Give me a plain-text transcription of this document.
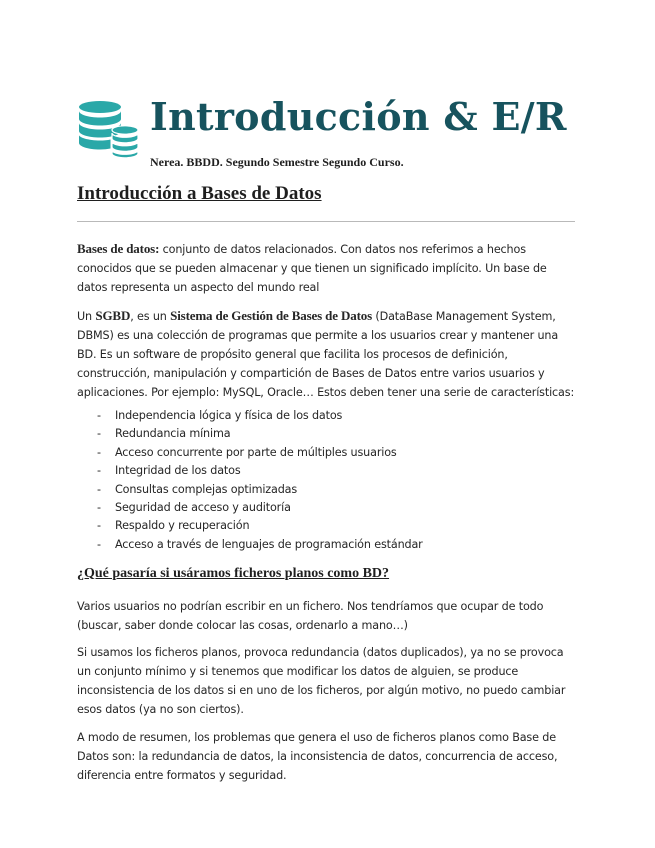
Introducción & E/R
Nerea. BBDD. Segundo Semestre Segundo Curso.
Introducción a Bases de Datos

Bases de datos: conjunto de datos relacionados. Con datos nos referimos a hechos conocidos que se pueden almacenar y que tienen un significado implícito. Un base de datos representa un aspecto del mundo real

Un SGBD, es un Sistema de Gestión de Bases de Datos (DataBase Management System, DBMS) es una colección de programas que permite a los usuarios crear y mantener una BD. Es un software de propósito general que facilita los procesos de definición, construcción, manipulación y compartición de Bases de Datos entre varios usuarios y aplicaciones. Por ejemplo: MySQL, Oracle… Estos deben tener una serie de características:

- Independencia lógica y física de los datos
- Redundancia mínima
- Acceso concurrente por parte de múltiples usuarios
- Integridad de los datos
- Consultas complejas optimizadas
- Seguridad de acceso y auditoría
- Respaldo y recuperación
- Acceso a través de lenguajes de programación estándar
¿Qué pasaría si usáramos ficheros planos como BD?

Varios usuarios no podrían escribir en un fichero. Nos tendríamos que ocupar de todo (buscar, saber donde colocar las cosas, ordenarlo a mano…)

Si usamos los ficheros planos, provoca redundancia (datos duplicados), ya no se provoca un conjunto mínimo y si tenemos que modificar los datos de alguien, se produce inconsistencia de los datos si en uno de los ficheros, por algún motivo, no puedo cambiar esos datos (ya no son ciertos).

A modo de resumen, los problemas que genera el uso de ficheros planos como Base de Datos son: la redundancia de datos, la inconsistencia de datos, concurrencia de acceso, diferencia entre formatos y seguridad.
